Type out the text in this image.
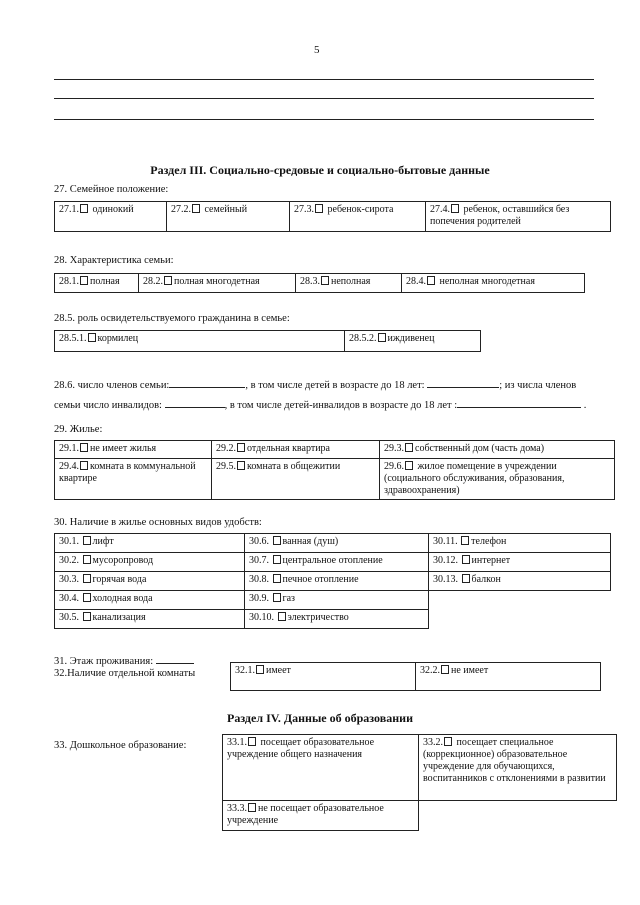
5
Раздел III. Социально-средовые и социально-бытовые данные
27. Семейное положение:
27.1. одинокий	27.2. семейный	27.3. ребенок-сирота	27.4. ребенок, оставшийся без попечения родителей
28. Характеристика семьи:
28.1. полная	28.2. полная многодетная	28.3. неполная	28.4. неполная многодетная
28.5. роль освидетельствуемого гражданина в семье:
28.5.1. кормилец	28.5.2. иждивенец
28.6. число членов семьи:	, в том числе детей в возрасте до 18 лет:	; из числа членов
семьи число инвалидов:	, в том числе детей-инвалидов в возрасте до 18 лет :	.
29. Жилье:
29.1. не имеет жилья	29.2. отдельная квартира	29.3. собственный дом (часть дома)
29.4. комната в коммунальной квартире	29.5. комната в общежитии	29.6. жилое помещение в учреждении (социального обслуживания, образования, здравоохранения)
30. Наличие в жилье основных видов удобств:
30.1. лифт	30.6. ванная (душ)	30.11. телефон
30.2. мусоропровод	30.7. центральное отопление	30.12. интернет
30.3. горячая вода	30.8. печное отопление	30.13. балкон
30.4. холодная вода	30.9. газ	
30.5. канализация	30.10. электричество	
31. Этаж проживания:
32.Наличие отдельной комнаты	32.1. имеет	32.2. не имеет
Раздел IV. Данные об образовании
33. Дошкольное образование:	33.1. посещает образовательное учреждение общего назначения	33.2. посещает специальное (коррекционное) образовательное учреждение для обучающихся, воспитанников с отклонениями в развитии
33.3. не посещает образовательное учреждение	
